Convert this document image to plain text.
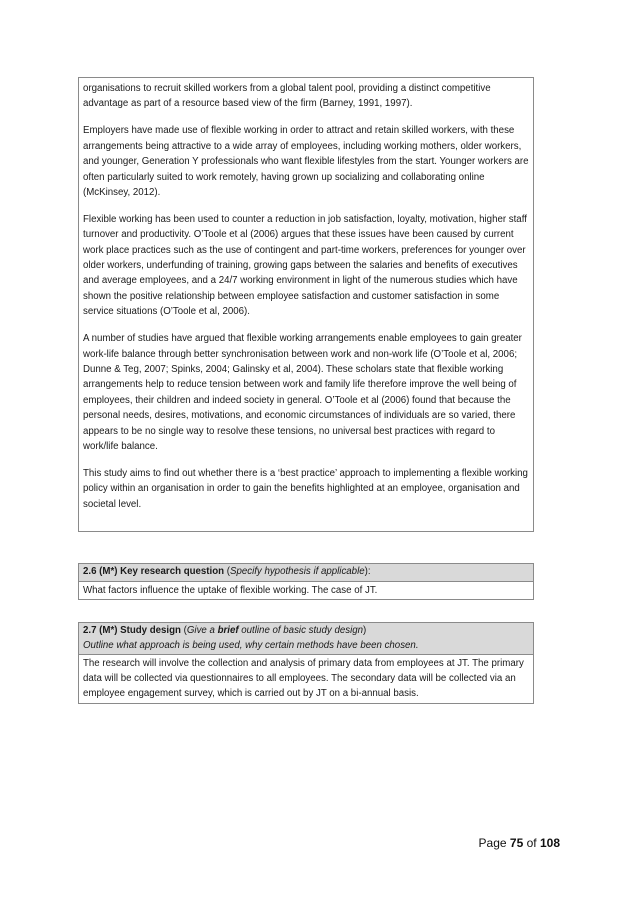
organisations to recruit skilled workers from a global talent pool, providing a distinct competitive advantage as part of a resource based view of the firm (Barney, 1991, 1997).

Employers have made use of flexible working in order to attract and retain skilled workers, with these arrangements being attractive to a wide array of employees, including working mothers, older workers, and younger, Generation Y professionals who want flexible lifestyles from the start. Younger workers are often particularly suited to work remotely, having grown up socializing and collaborating online (McKinsey, 2012).

Flexible working has been used to counter a reduction in job satisfaction, loyalty, motivation, higher staff turnover and productivity. O’Toole et al (2006) argues that these issues have been caused by current work place practices such as the use of contingent and part-time workers, preferences for younger over older workers, underfunding of training, growing gaps between the salaries and benefits of executives and average employees, and a 24/7 working environment in light of the numerous studies which have shown the positive relationship between employee satisfaction and customer satisfaction in some service situations (O’Toole et al, 2006).

A number of studies have argued that flexible working arrangements enable employees to gain greater work-life balance through better synchronisation between work and non-work life (O’Toole et al, 2006; Dunne & Teg, 2007; Spinks, 2004; Galinsky et al, 2004). These scholars state that flexible working arrangements help to reduce tension between work and family life therefore improve the well being of employees, their children and indeed society in general. O’Toole et al (2006) found that because the personal needs, desires, motivations, and economic circumstances of individuals are so varied, there appears to be no single way to resolve these tensions, no universal best practices with regard to work/life balance.

This study aims to find out whether there is a ‘best practice’ approach to implementing a flexible working policy within an organisation in order to gain the benefits highlighted at an employee, organisation and societal level.

2.6 (M*) Key research question (Specify hypothesis if applicable):
What factors influence the uptake of flexible working. The case of JT.
2.7 (M*) Study design (Give a brief outline of basic study design)
Outline what approach is being used, why certain methods have been chosen.
The research will involve the collection and analysis of primary data from employees at JT. The primary data will be collected via questionnaires to all employees. The secondary data will be collected via an employee engagement survey, which is carried out by JT on a bi-annual basis.
Page 75 of 108
